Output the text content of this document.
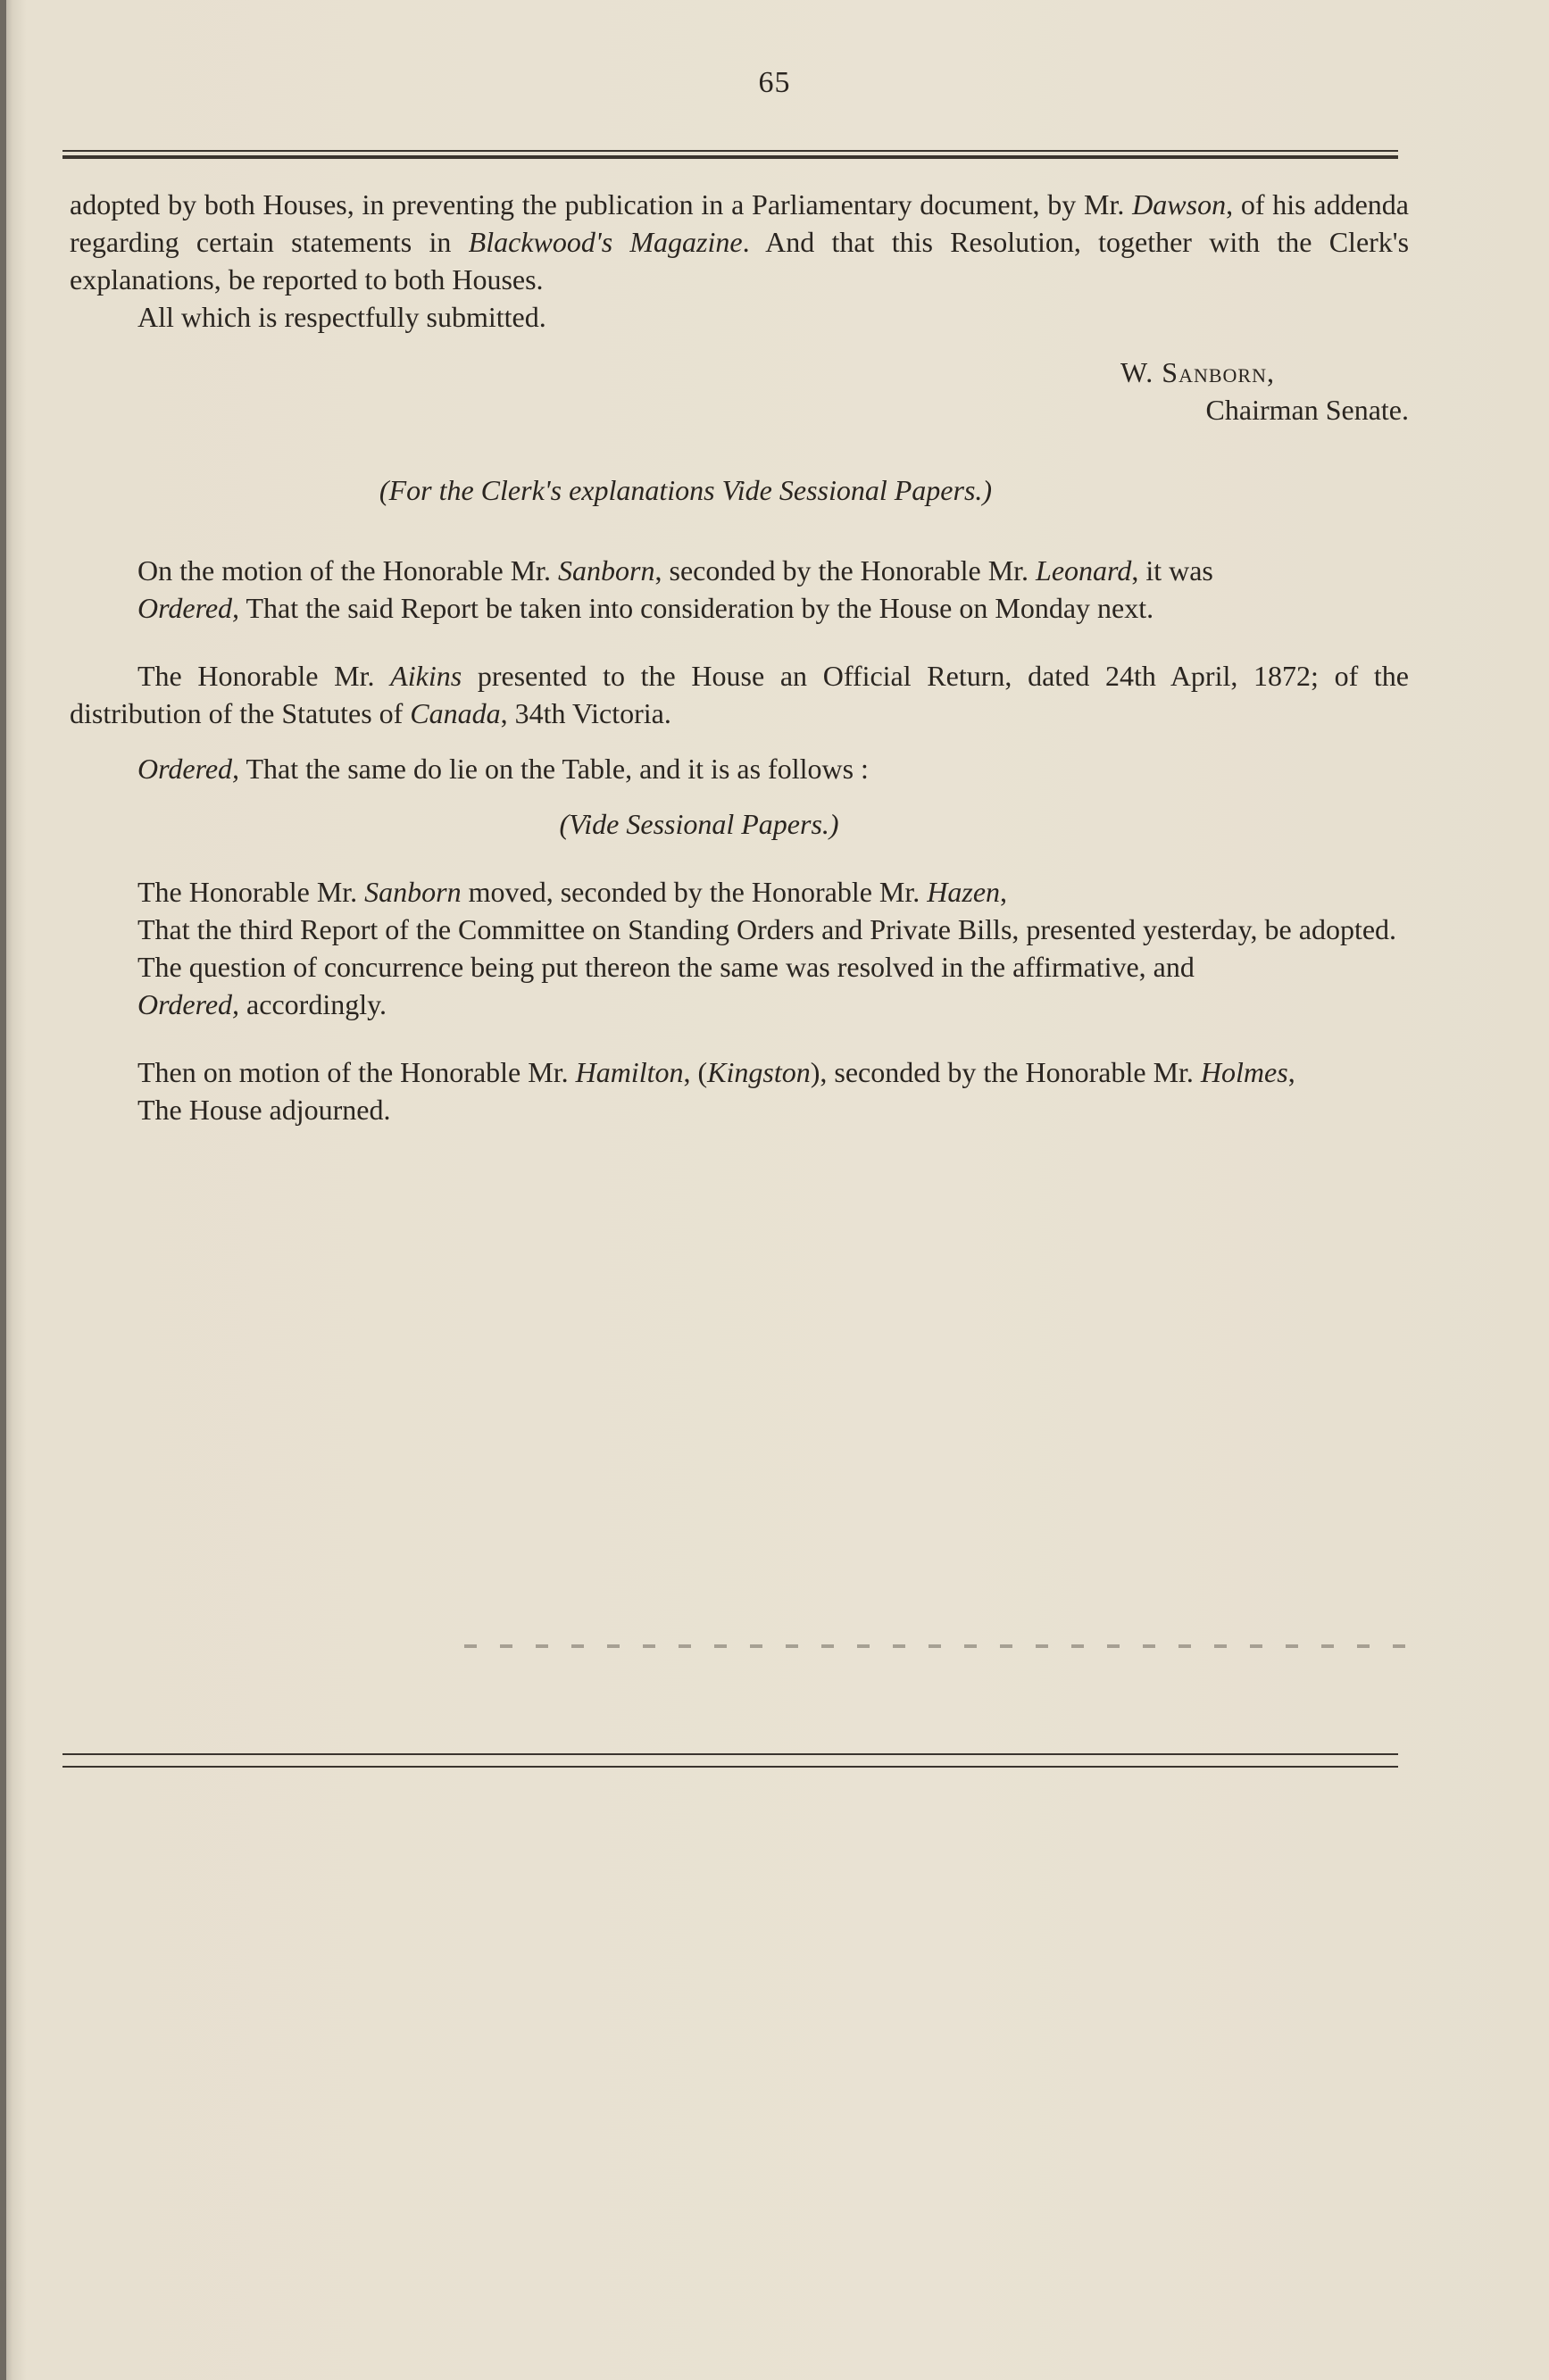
65

adopted by both Houses, in preventing the publication in a Parliamentary document, by Mr. Dawson, of his addenda regarding certain statements in Blackwood's Magazine. And that this Resolution, together with the Clerk's explanations, be reported to both Houses.

All which is respectfully submitted.

W. Sanborn,

Chairman Senate.

(For the Clerk's explanations Vide Sessional Papers.)

On the motion of the Honorable Mr. Sanborn, seconded by the Honorable Mr. Leonard, it was

Ordered, That the said Report be taken into consideration by the House on Monday next.

The Honorable Mr. Aikins presented to the House an Official Return, dated 24th April, 1872; of the distribution of the Statutes of Canada, 34th Victoria.

Ordered, That the same do lie on the Table, and it is as follows :

(Vide Sessional Papers.)

The Honorable Mr. Sanborn moved, seconded by the Honorable Mr. Hazen,

That the third Report of the Committee on Standing Orders and Private Bills, presented yesterday, be adopted.

The question of concurrence being put thereon the same was resolved in the affirmative, and

Ordered, accordingly.

Then on motion of the Honorable Mr. Hamilton, (Kingston), seconded by the Honorable Mr. Holmes,

The House adjourned.
